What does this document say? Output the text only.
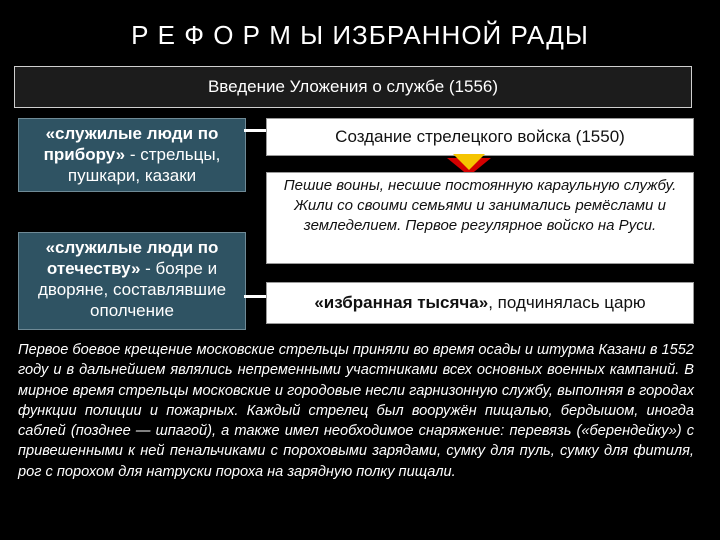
Р Е Ф О Р М Ы ИЗБРАННОЙ РАДЫ
Введение Уложения о службе (1556)
«служилые люди по прибору» - стрельцы, пушкари, казаки
«служилые люди по отечеству» - бояре и дворяне, составлявшие ополчение
Создание стрелецкого войска (1550)
Пешие воины, несшие постоянную караульную службу. Жили со своими семьями и занимались ремёслами и земледелием. Первое регулярное войско на Руси.
«избранная тысяча», подчинялась царю
Первое боевое крещение московские стрельцы приняли во время осады и штурма Казани в 1552 году и в дальнейшем являлись непременными участниками всех основных военных кампаний. В мирное время стрельцы московские и городовые несли гарнизонную службу, выполняя в городах функции полиции и пожарных. Каждый стрелец был вооружён пищалью, бердышом, иногда саблей (позднее — шпагой), а также имел необходимое снаряжение: перевязь («берендейку») с привешенными к ней пенальчиками с пороховыми зарядами, сумку для пуль, сумку для фитиля, рог с порохом для натруски пороха на зарядную полку пищали.
